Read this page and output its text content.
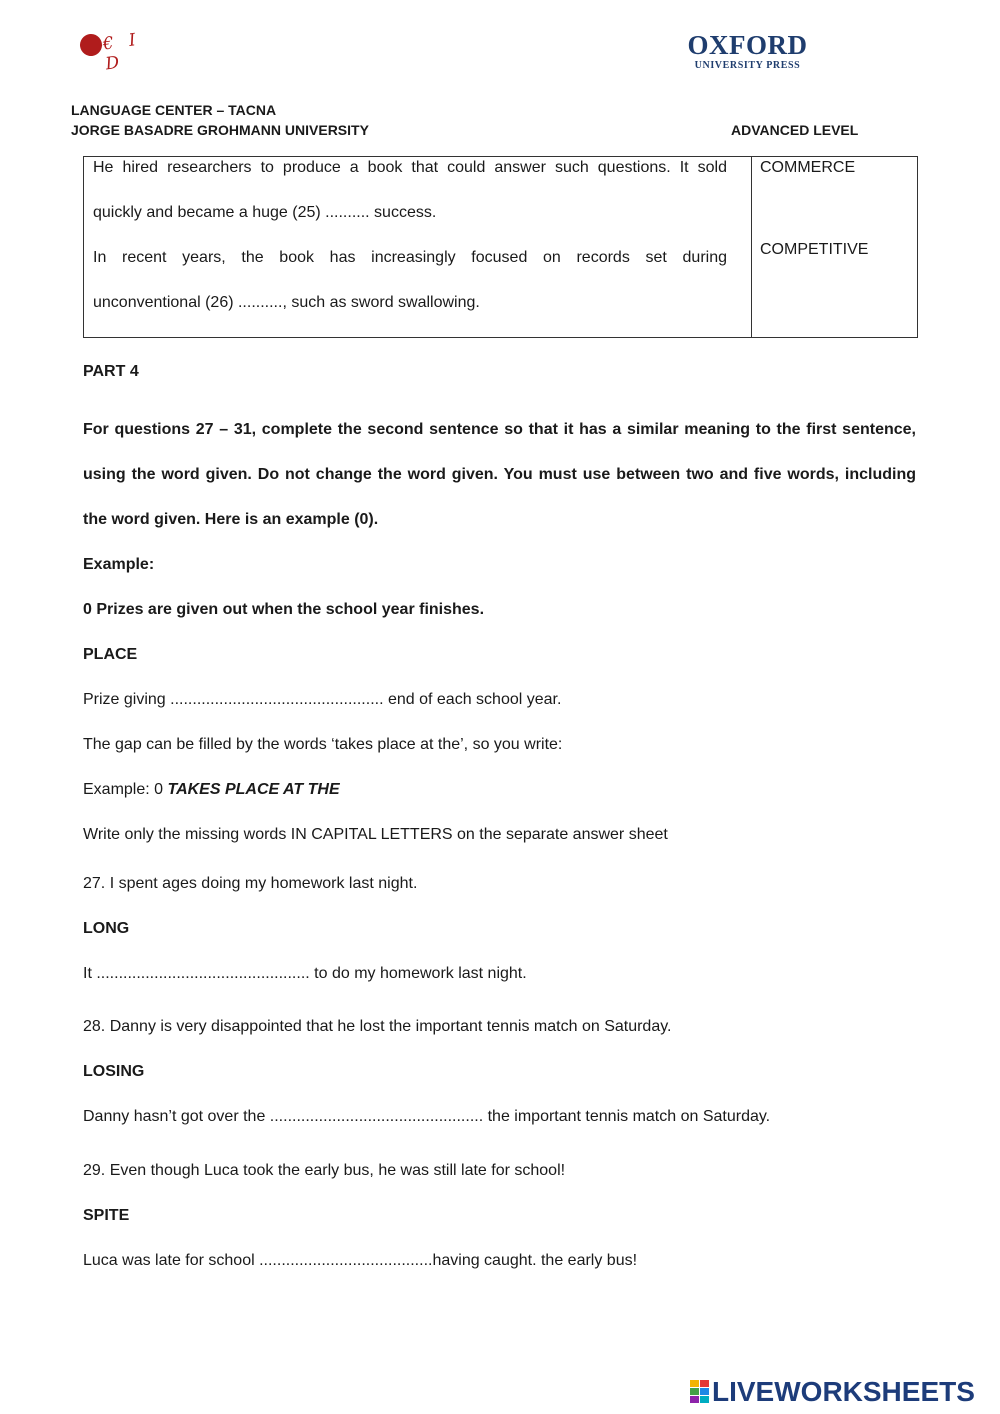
€ I D
OXFORD
UNIVERSITY PRESS
LANGUAGE CENTER – TACNA
JORGE BASADRE GROHMANN UNIVERSITY	ADVANCED LEVEL
He hired researchers to produce a book that could answer such questions. It sold
quickly and became a huge (25) .......... success.
In recent years, the book has increasingly focused on records set during
unconventional (26) .........., such as sword swallowing.
COMMERCE
COMPETITIVE
PART 4
For questions 27 – 31, complete the second sentence so that it has a similar meaning to the first sentence,
using the word given. Do not change the word given. You must use between two and five words, including
the word given. Here is an example (0).
Example:
0 Prizes are given out when the school year finishes.
PLACE
Prize giving ................................................ end of each school year.
The gap can be filled by the words ‘takes place at the’, so you write:
Example: 0 TAKES PLACE AT THE
Write only the missing words IN CAPITAL LETTERS on the separate answer sheet
27. I spent ages doing my homework last night.
LONG
It ................................................ to do my homework last night.
28. Danny is very disappointed that he lost the important tennis match on Saturday.
LOSING
Danny hasn’t got over the ................................................ the important tennis match on Saturday.
29. Even though Luca took the early bus, he was still late for school!
SPITE
Luca was late for school .......................................having caught. the early bus!
LIVEWORKSHEETS
